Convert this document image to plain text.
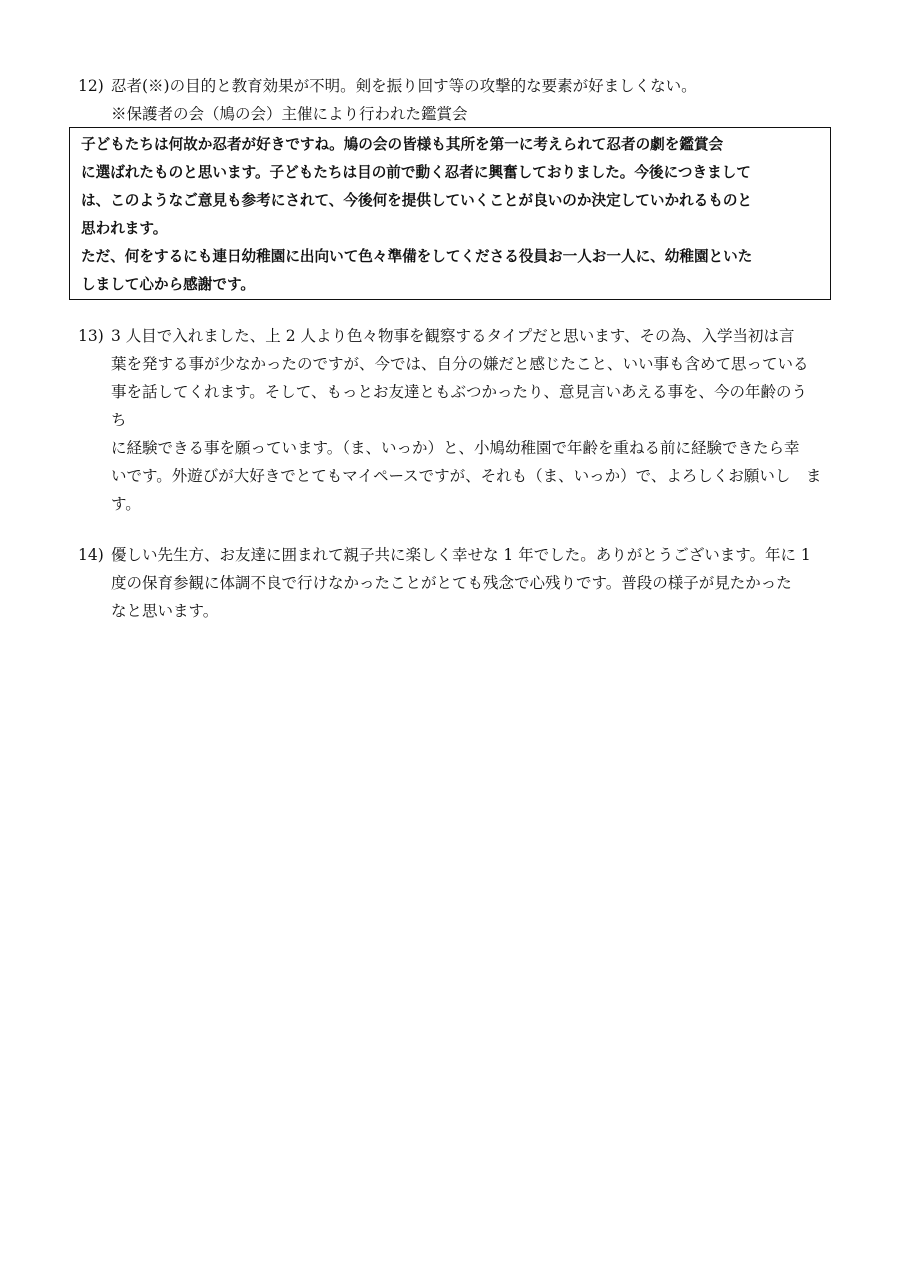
12) 忍者(※)の目的と教育効果が不明。剣を振り回す等の攻撃的な要素が好ましくない。
※保護者の会（鳩の会）主催により行われた鑑賞会
子どもたちは何故か忍者が好きですね。鳩の会の皆様も其所を第一に考えられて忍者の劇を鑑賞会
に選ばれたものと思います。子どもたちは目の前で動く忍者に興奮しておりました。今後につきまして
は、このようなご意見も参考にされて、今後何を提供していくことが良いのか決定していかれるものと
思われます。
ただ、何をするにも連日幼稚園に出向いて色々準備をしてくださる役員お一人お一人に、幼稚園といた
しまして心から感謝です。
13) 3 人目で入れました、上 2 人より色々物事を観察するタイプだと思います、その為、入学当初は言
葉を発する事が少なかったのですが、今では、自分の嫌だと感じたこと、いい事も含めて思っている
事を話してくれます。そして、もっとお友達ともぶつかったり、意見言いあえる事を、今の年齢のう
ち
に経験できる事を願っています。（ま、いっか）と、小鳩幼稚園で年齢を重ねる前に経験できたら幸
いです。外遊びが大好きでとてもマイペースですが、それも（ま、いっか）で、よろしくお願いし　ま
す。
14) 優しい先生方、お友達に囲まれて親子共に楽しく幸せな 1 年でした。ありがとうございます。年に 1
度の保育参観に体調不良で行けなかったことがとても残念で心残りです。普段の様子が見たかった
なと思います。
